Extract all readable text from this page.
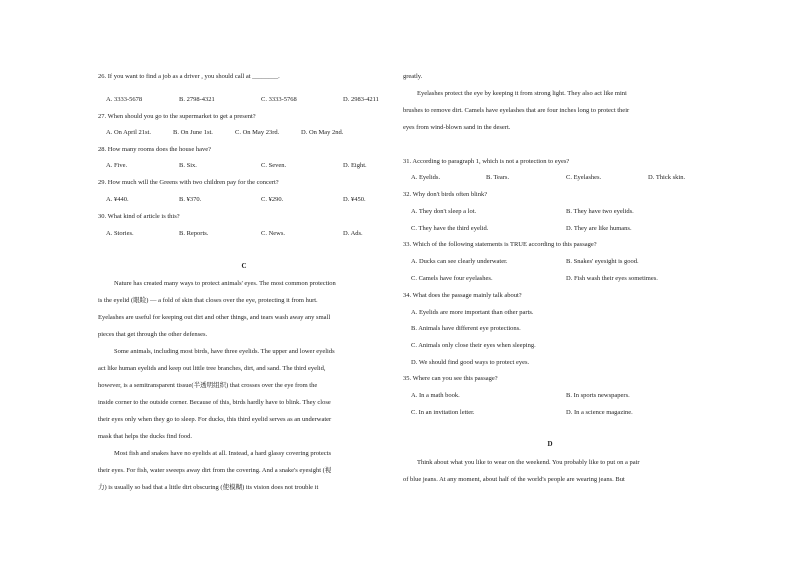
26. If you want to find a job as a driver , you should call at ________.
A. 3333-5678	B. 2798-4321	C. 3333-5768	D. 2983-4211
27. When should you go to the supermarket to get a present?
A. On April 21st.	B. On June 1st.	C. On May 23rd.	D. On May 2nd.
28. How many rooms does the house have?
A. Five.	B. Six.	C. Seven.	D. Eight.
29. How much will the Greens with two children pay for the concert?
A. ¥440.	B. ¥370.	C. ¥290.	D. ¥450.
30. What kind of article is this?
A. Stories.	B. Reports.	C. News.	D. Ads.
C
Nature has created many ways to protect animals' eyes. The most common protection
is the eyelid (眼睑) — a fold of skin that closes over the eye, protecting it from hurt.
Eyelashes are useful for keeping out dirt and other things, and tears wash away any small
pieces that get through the other defenses.
Some animals, including most birds, have three eyelids. The upper and lower eyelids
act like human eyelids and keep out little tree branches, dirt, and sand. The third eyelid,
however, is a semitransparent tissue(半透明组织) that crosses over the eye from the
inside corner to the outside corner. Because of this, birds hardly have to blink. They close
their eyes only when they go to sleep. For ducks, this third eyelid serves as an underwater
mask that helps the ducks find food.
Most fish and snakes have no eyelids at all. Instead, a hard glassy covering protects
their eyes. For fish, water sweeps away dirt from the covering. And a snake's eyesight (视
力) is usually so bad that a little dirt obscuring (使模糊) its vision does not trouble it
greatly.
Eyelashes protect the eye by keeping it from strong light. They also act like mini
brushes to remove dirt. Camels have eyelashes that are four inches long to protect their
eyes from wind-blown sand in the desert.
31. According to paragraph 1, which is not a protection to eyes?
A. Eyelids.	B. Tears.	C. Eyelashes.	D. Thick skin.
32. Why don't birds often blink?
A. They don't sleep a lot.	B. They have two eyelids.
C. They have the third eyelid.	D. They are like humans.
33. Which of the following statements is TRUE according to this passage?
A. Ducks can see clearly underwater.	B. Snakes' eyesight is good.
C. Camels have four eyelashes.	D. Fish wash their eyes sometimes.
34. What does the passage mainly talk about?
A. Eyelids are more important than other parts.
B. Animals have different eye protections.
C. Animals only close their eyes when sleeping.
D. We should find good ways to protect eyes.
35. Where can you see this passage?
A. In a math book.	B. In sports newspapers.
C. In an invitation letter.	D. In a science magazine.
D
Think about what you like to wear on the weekend. You probably like to put on a pair
of blue jeans. At any moment, about half of the world's people are wearing jeans. But
